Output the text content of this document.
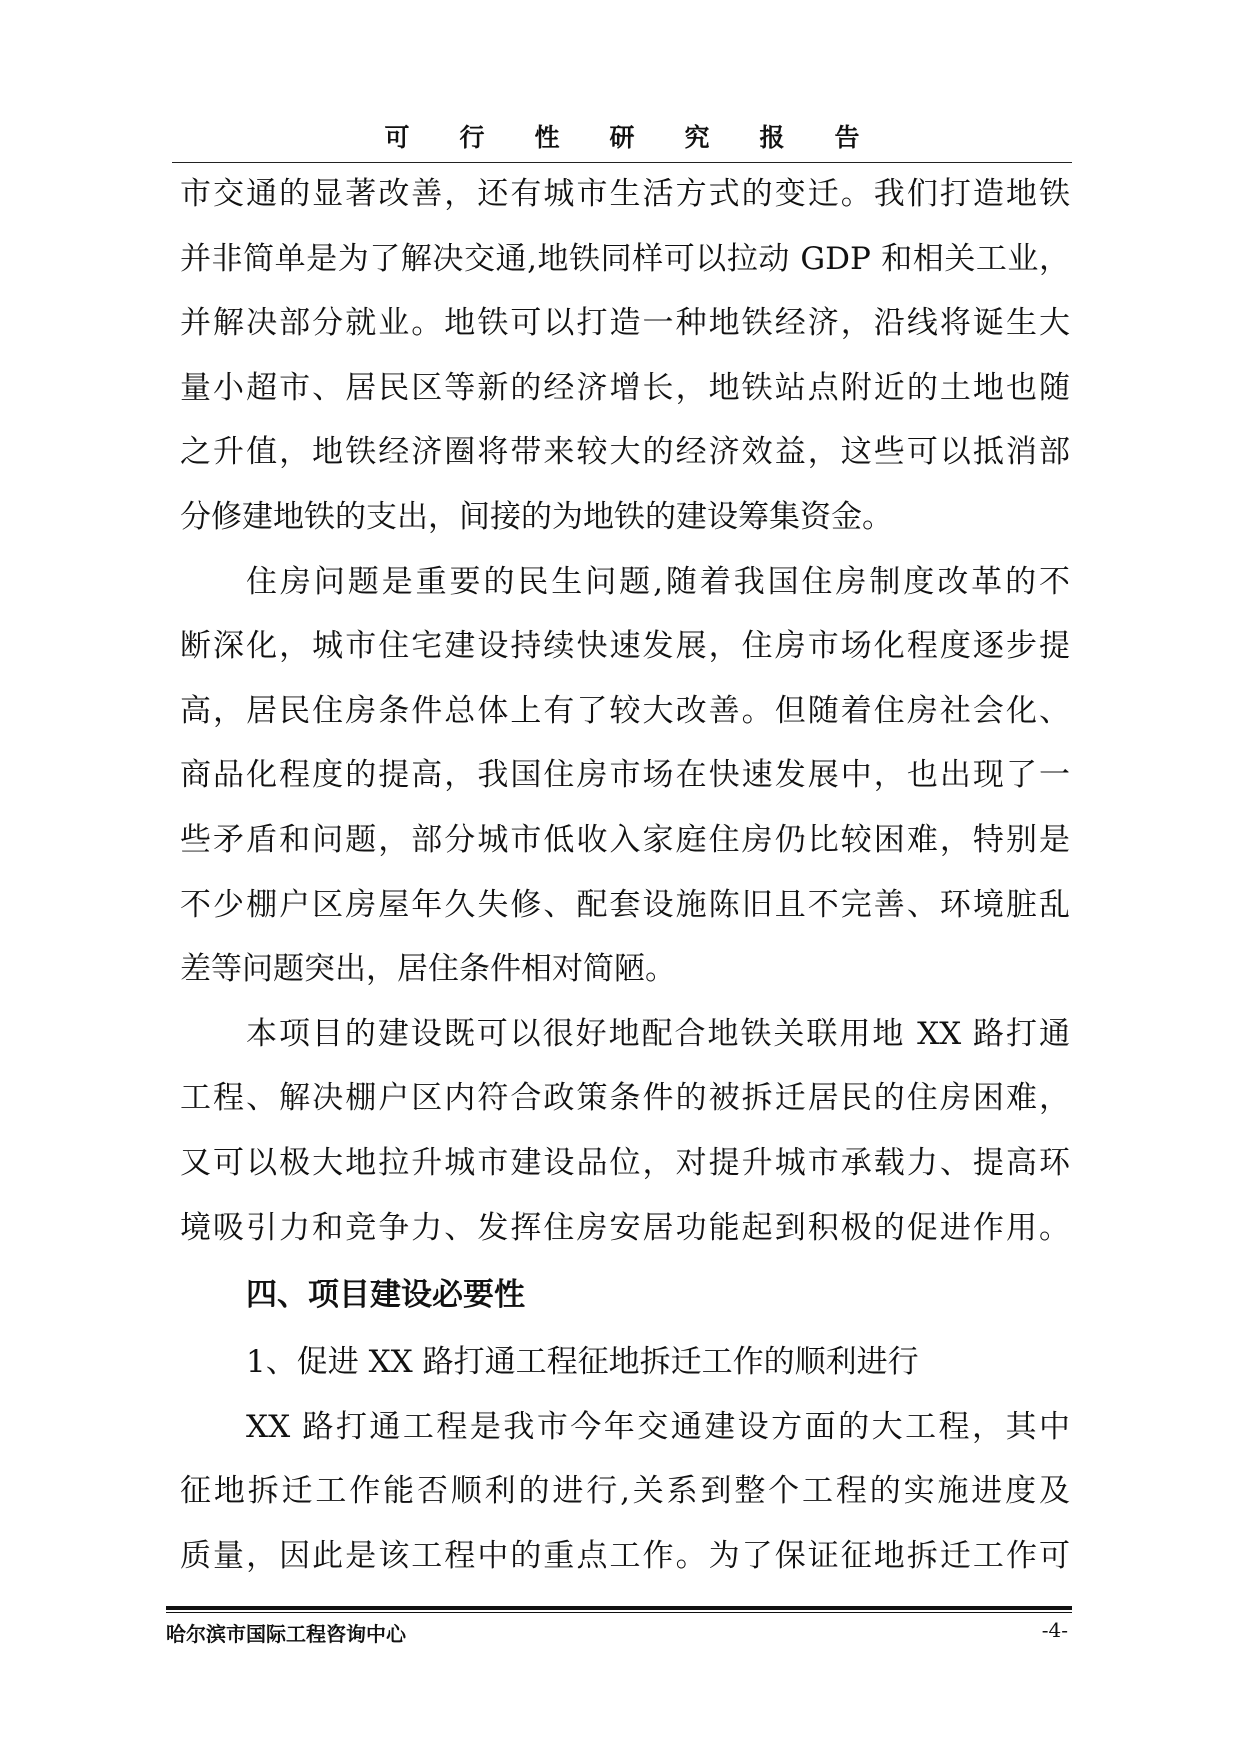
可行性研究报告
市交通的显著改善，还有城市生活方式的变迁。我们打造地铁
并非简单是为了解决交通,地铁同样可以拉动 GDP 和相关工业，
并解决部分就业。地铁可以打造一种地铁经济，沿线将诞生大
量小超市、居民区等新的经济增长，地铁站点附近的土地也随
之升值，地铁经济圈将带来较大的经济效益，这些可以抵消部
分修建地铁的支出，间接的为地铁的建设筹集资金。
住房问题是重要的民生问题,随着我国住房制度改革的不
断深化，城市住宅建设持续快速发展，住房市场化程度逐步提
高，居民住房条件总体上有了较大改善。但随着住房社会化、
商品化程度的提高，我国住房市场在快速发展中，也出现了一
些矛盾和问题，部分城市低收入家庭住房仍比较困难，特别是
不少棚户区房屋年久失修、配套设施陈旧且不完善、环境脏乱
差等问题突出，居住条件相对简陋。
本项目的建设既可以很好地配合地铁关联用地 XX 路打通
工程、解决棚户区内符合政策条件的被拆迁居民的住房困难，
又可以极大地拉升城市建设品位，对提升城市承载力、提高环
境吸引力和竞争力、发挥住房安居功能起到积极的促进作用。
四、项目建设必要性
1、促进 XX 路打通工程征地拆迁工作的顺利进行
XX 路打通工程是我市今年交通建设方面的大工程，其中
征地拆迁工作能否顺利的进行,关系到整个工程的实施进度及
质量，因此是该工程中的重点工作。为了保证征地拆迁工作可
哈尔滨市国际工程咨询中心	-4-
